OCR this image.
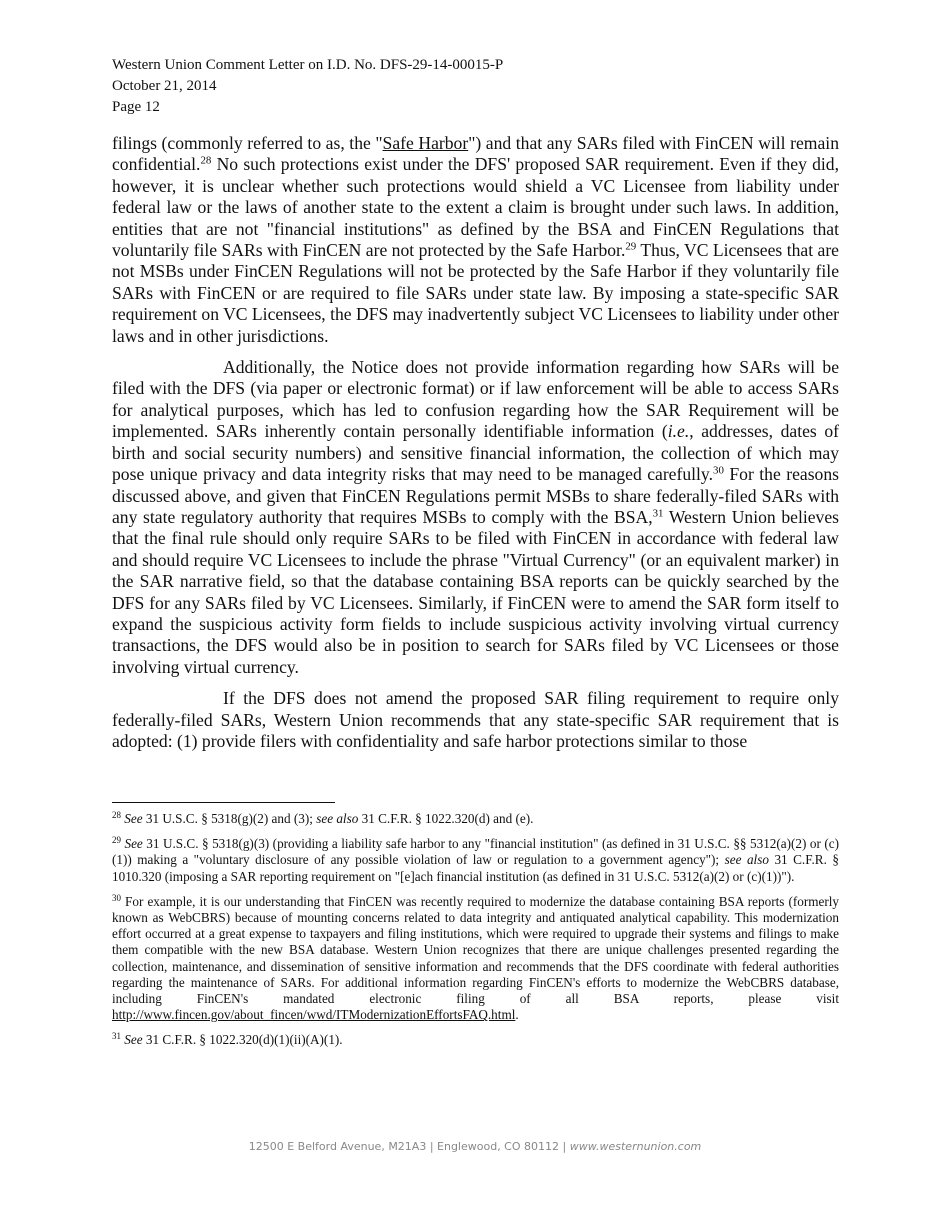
Western Union Comment Letter on I.D. No. DFS-29-14-00015-P
October 21, 2014
Page 12

filings (commonly referred to as, the "Safe Harbor") and that any SARs filed with FinCEN will remain confidential.$^{28}$ No such protections exist under the DFS' proposed SAR requirement. Even if they did, however, it is unclear whether such protections would shield a VC Licensee from liability under federal law or the laws of another state to the extent a claim is brought under such laws. In addition, entities that are not "financial institutions" as defined by the BSA and FinCEN Regulations that voluntarily file SARs with FinCEN are not protected by the Safe Harbor.$^{29}$ Thus, VC Licensees that are not MSBs under FinCEN Regulations will not be protected by the Safe Harbor if they voluntarily file SARs with FinCEN or are required to file SARs under state law. By imposing a state-specific SAR requirement on VC Licensees, the DFS may inadvertently subject VC Licensees to liability under other laws and in other jurisdictions.

Additionally, the Notice does not provide information regarding how SARs will be filed with the DFS (via paper or electronic format) or if law enforcement will be able to access SARs for analytical purposes, which has led to confusion regarding how the SAR Requirement will be implemented. SARs inherently contain personally identifiable information (i.e., addresses, dates of birth and social security numbers) and sensitive financial information, the collection of which may pose unique privacy and data integrity risks that may need to be managed carefully.$^{30}$ For the reasons discussed above, and given that FinCEN Regulations permit MSBs to share federally-filed SARs with any state regulatory authority that requires MSBs to comply with the BSA,$^{31}$ Western Union believes that the final rule should only require SARs to be filed with FinCEN in accordance with federal law and should require VC Licensees to include the phrase "Virtual Currency" (or an equivalent marker) in the SAR narrative field, so that the database containing BSA reports can be quickly searched by the DFS for any SARs filed by VC Licensees. Similarly, if FinCEN were to amend the SAR form itself to expand the suspicious activity form fields to include suspicious activity involving virtual currency transactions, the DFS would also be in position to search for SARs filed by VC Licensees or those involving virtual currency.

If the DFS does not amend the proposed SAR filing requirement to require only federally-filed SARs, Western Union recommends that any state-specific SAR requirement that is adopted: (1) provide filers with confidentiality and safe harbor protections similar to those

$^{28}$ See 31 U.S.C. § 5318(g)(2) and (3); see also 31 C.F.R. § 1022.320(d) and (e).
$^{29}$ See 31 U.S.C. § 5318(g)(3) (providing a liability safe harbor to any "financial institution" (as defined in 31 U.S.C. §§ 5312(a)(2) or (c)(1)) making a "voluntary disclosure of any possible violation of law or regulation to a government agency"); see also 31 C.F.R. § 1010.320 (imposing a SAR reporting requirement on "[e]ach financial institution (as defined in 31 U.S.C. 5312(a)(2) or (c)(1))").
$^{30}$ For example, it is our understanding that FinCEN was recently required to modernize the database containing BSA reports (formerly known as WebCBRS) because of mounting concerns related to data integrity and antiquated analytical capability. This modernization effort occurred at a great expense to taxpayers and filing institutions, which were required to upgrade their systems and filings to make them compatible with the new BSA database. Western Union recognizes that there are unique challenges presented regarding the collection, maintenance, and dissemination of sensitive information and recommends that the DFS coordinate with federal authorities regarding the maintenance of SARs. For additional information regarding FinCEN's efforts to modernize the WebCBRS database, including FinCEN's mandated electronic filing of all BSA reports, please visit http://www.fincen.gov/about_fincen/wwd/ITModernizationEffortsFAQ.html.
$^{31}$ See 31 C.F.R. § 1022.320(d)(1)(ii)(A)(1).
12500 E Belford Avenue, M21A3 | Englewood, CO 80112 | www.westernunion.com
